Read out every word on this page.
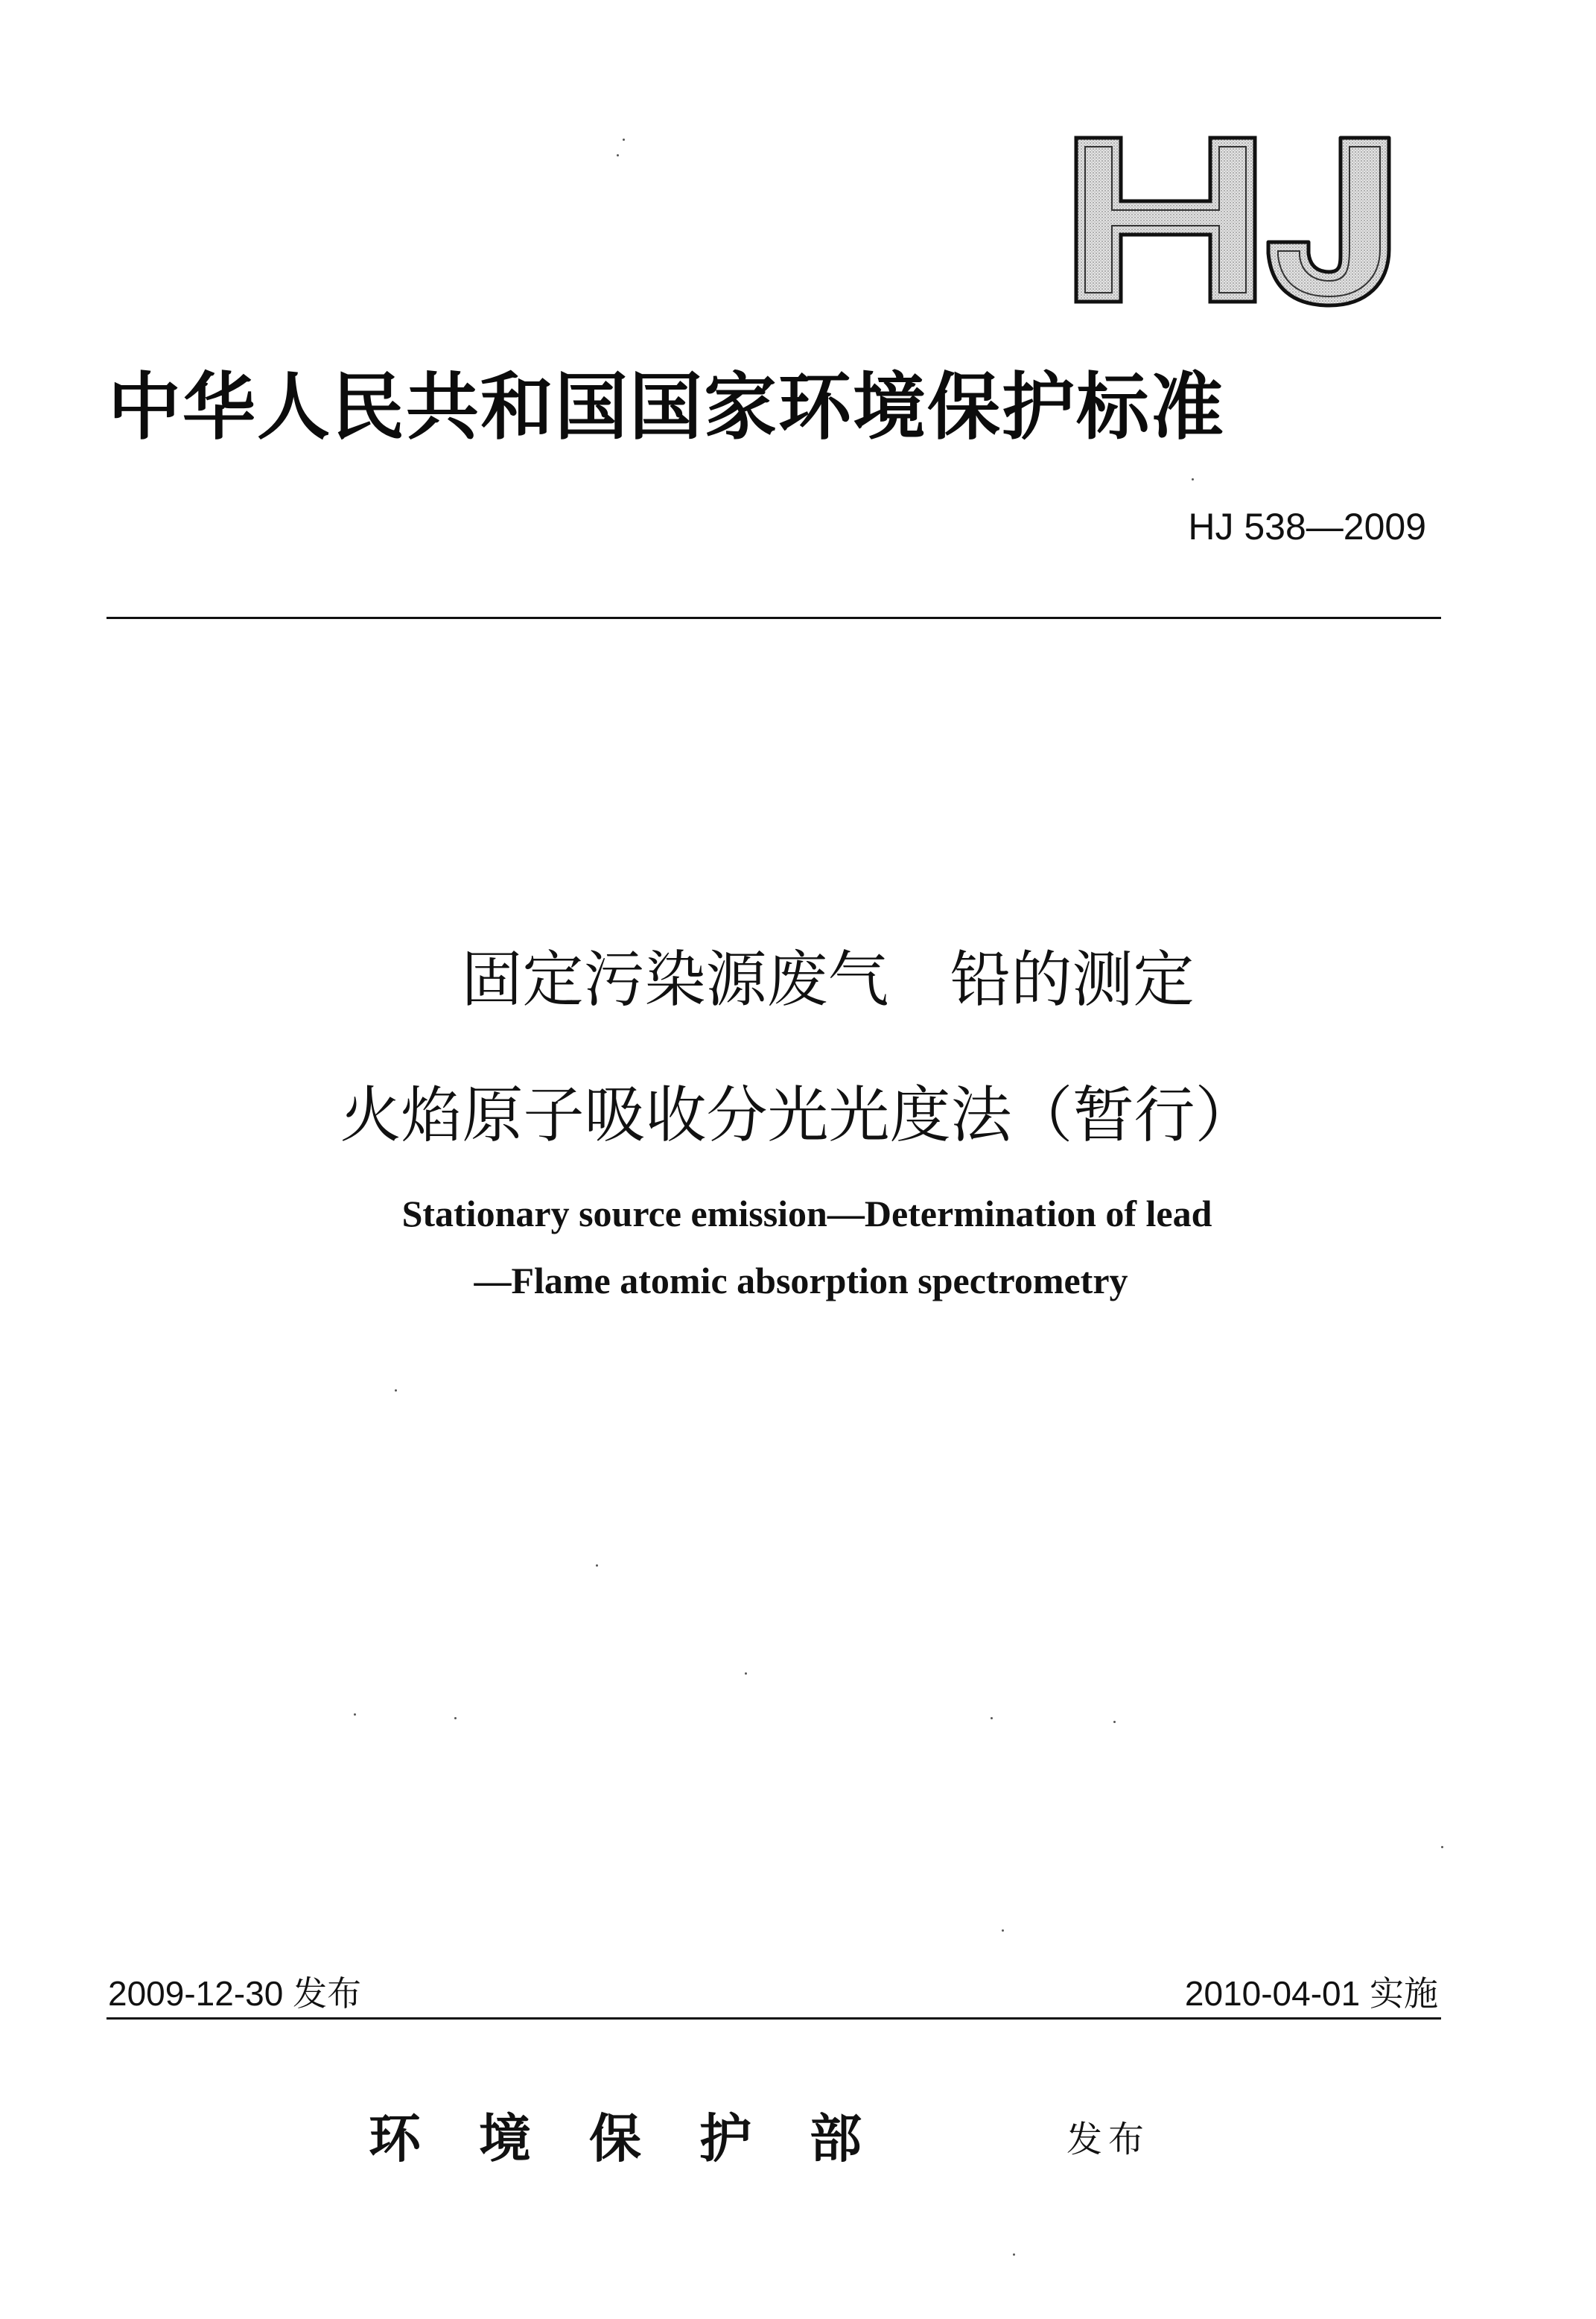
中华人民共和国国家环境保护标准
HJ 538—2009
固定污染源废气　铅的测定
火焰原子吸收分光光度法（暂行）
Stationary source emission—Determination of lead
—Flame atomic absorption spectrometry
2009-12-30 发布	2010-04-01 实施
环境保护部	发布
